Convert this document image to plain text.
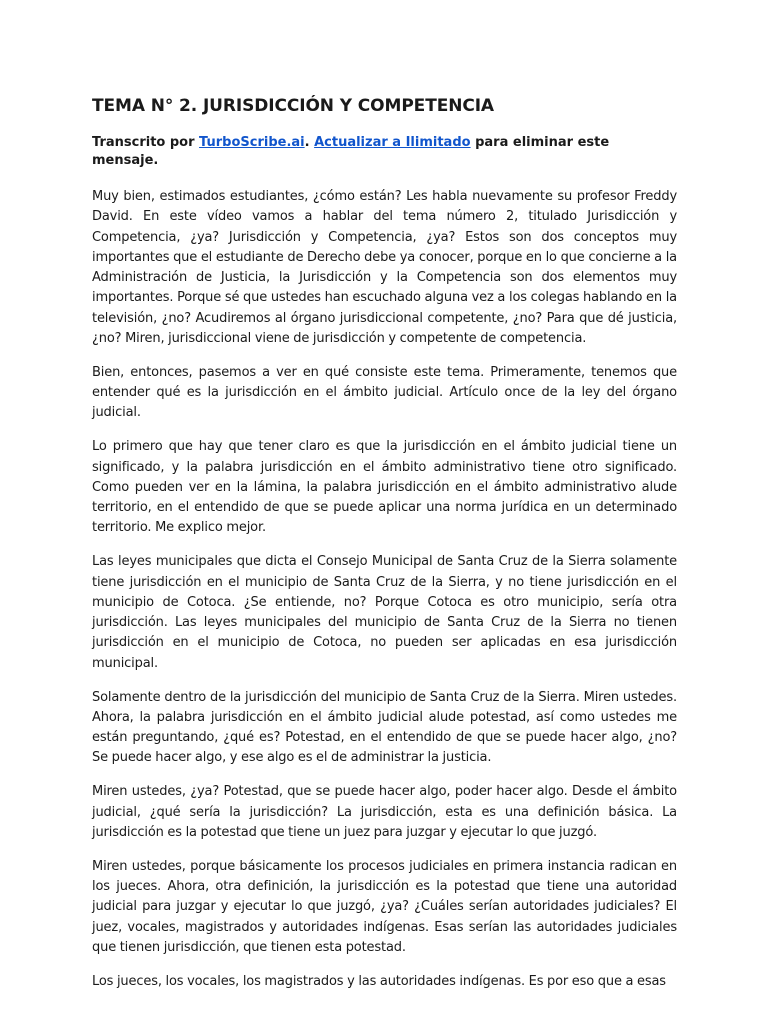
TEMA N° 2. JURISDICCIÓN Y COMPETENCIA

Transcrito por TurboScribe.ai. Actualizar a Ilimitado para eliminar este mensaje.

Muy bien, estimados estudiantes, ¿cómo están? Les habla nuevamente su profesor Freddy David. En este vídeo vamos a hablar del tema número 2, titulado Jurisdicción y Competencia, ¿ya? Jurisdicción y Competencia, ¿ya? Estos son dos conceptos muy importantes que el estudiante de Derecho debe ya conocer, porque en lo que concierne a la Administración de Justicia, la Jurisdicción y la Competencia son dos elementos muy importantes. Porque sé que ustedes han escuchado alguna vez a los colegas hablando en la televisión, ¿no? Acudiremos al órgano jurisdiccional competente, ¿no? Para que dé justicia, ¿no? Miren, jurisdiccional viene de jurisdicción y competente de competencia.

Bien, entonces, pasemos a ver en qué consiste este tema. Primeramente, tenemos que entender qué es la jurisdicción en el ámbito judicial. Artículo once de la ley del órgano judicial.

Lo primero que hay que tener claro es que la jurisdicción en el ámbito judicial tiene un significado, y la palabra jurisdicción en el ámbito administrativo tiene otro significado. Como pueden ver en la lámina, la palabra jurisdicción en el ámbito administrativo alude territorio, en el entendido de que se puede aplicar una norma jurídica en un determinado territorio. Me explico mejor.

Las leyes municipales que dicta el Consejo Municipal de Santa Cruz de la Sierra solamente tiene jurisdicción en el municipio de Santa Cruz de la Sierra, y no tiene jurisdicción en el municipio de Cotoca. ¿Se entiende, no? Porque Cotoca es otro municipio, sería otra jurisdicción. Las leyes municipales del municipio de Santa Cruz de la Sierra no tienen jurisdicción en el municipio de Cotoca, no pueden ser aplicadas en esa jurisdicción municipal.

Solamente dentro de la jurisdicción del municipio de Santa Cruz de la Sierra. Miren ustedes. Ahora, la palabra jurisdicción en el ámbito judicial alude potestad, así como ustedes me están preguntando, ¿qué es? Potestad, en el entendido de que se puede hacer algo, ¿no? Se puede hacer algo, y ese algo es el de administrar la justicia.

Miren ustedes, ¿ya? Potestad, que se puede hacer algo, poder hacer algo. Desde el ámbito judicial, ¿qué sería la jurisdicción? La jurisdicción, esta es una definición básica. La jurisdicción es la potestad que tiene un juez para juzgar y ejecutar lo que juzgó.

Miren ustedes, porque básicamente los procesos judiciales en primera instancia radican en los jueces. Ahora, otra definición, la jurisdicción es la potestad que tiene una autoridad judicial para juzgar y ejecutar lo que juzgó, ¿ya? ¿Cuáles serían autoridades judiciales? El juez, vocales, magistrados y autoridades indígenas. Esas serían las autoridades judiciales que tienen jurisdicción, que tienen esta potestad.

Los jueces, los vocales, los magistrados y las autoridades indígenas. Es por eso que a esas
